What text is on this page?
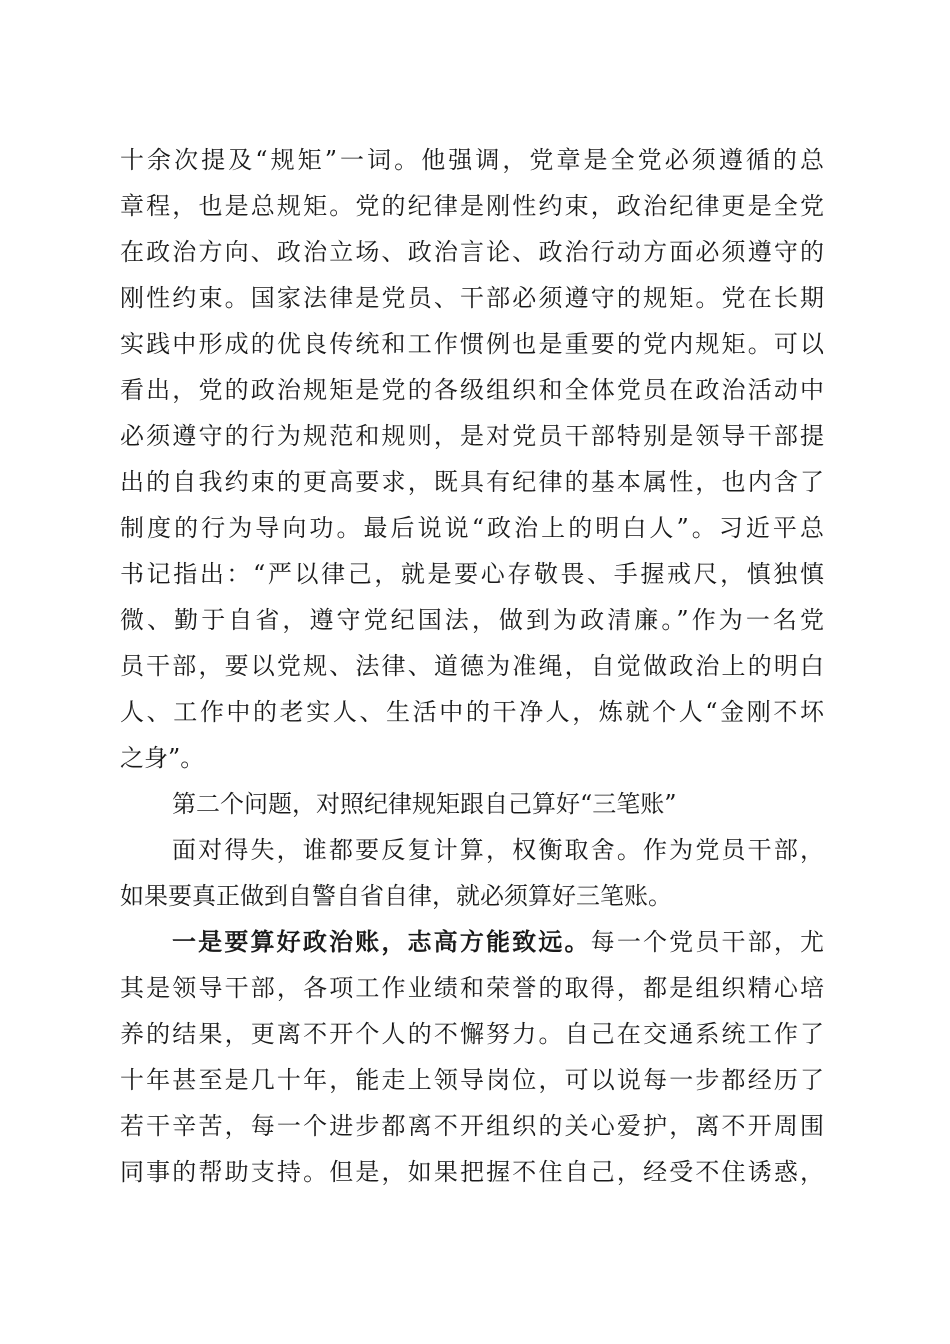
十余次提及“规矩”一词。他强调，党章是全党必须遵循的总
章程，也是总规矩。党的纪律是刚性约束，政治纪律更是全党
在政治方向、政治立场、政治言论、政治行动方面必须遵守的
刚性约束。国家法律是党员、干部必须遵守的规矩。党在长期
实践中形成的优良传统和工作惯例也是重要的党内规矩。可以
看出，党的政治规矩是党的各级组织和全体党员在政治活动中
必须遵守的行为规范和规则，是对党员干部特别是领导干部提
出的自我约束的更高要求，既具有纪律的基本属性，也内含了
制度的行为导向功。最后说说“政治上的明白人”。习近平总
书记指出：“严以律己，就是要心存敬畏、手握戒尺，慎独慎
微、勤于自省，遵守党纪国法，做到为政清廉。”作为一名党
员干部，要以党规、法律、道德为准绳，自觉做政治上的明白
人、工作中的老实人、生活中的干净人，炼就个人“金刚不坏
之身”。
第二个问题，对照纪律规矩跟自己算好“三笔账”
面对得失，谁都要反复计算，权衡取舍。作为党员干部，
如果要真正做到自警自省自律，就必须算好三笔账。
一是要算好政治账，志高方能致远。每一个党员干部，尤
其是领导干部，各项工作业绩和荣誉的取得，都是组织精心培
养的结果，更离不开个人的不懈努力。自己在交通系统工作了
十年甚至是几十年，能走上领导岗位，可以说每一步都经历了
若干辛苦，每一个进步都离不开组织的关心爱护，离不开周围
同事的帮助支持。但是，如果把握不住自己，经受不住诱惑，
